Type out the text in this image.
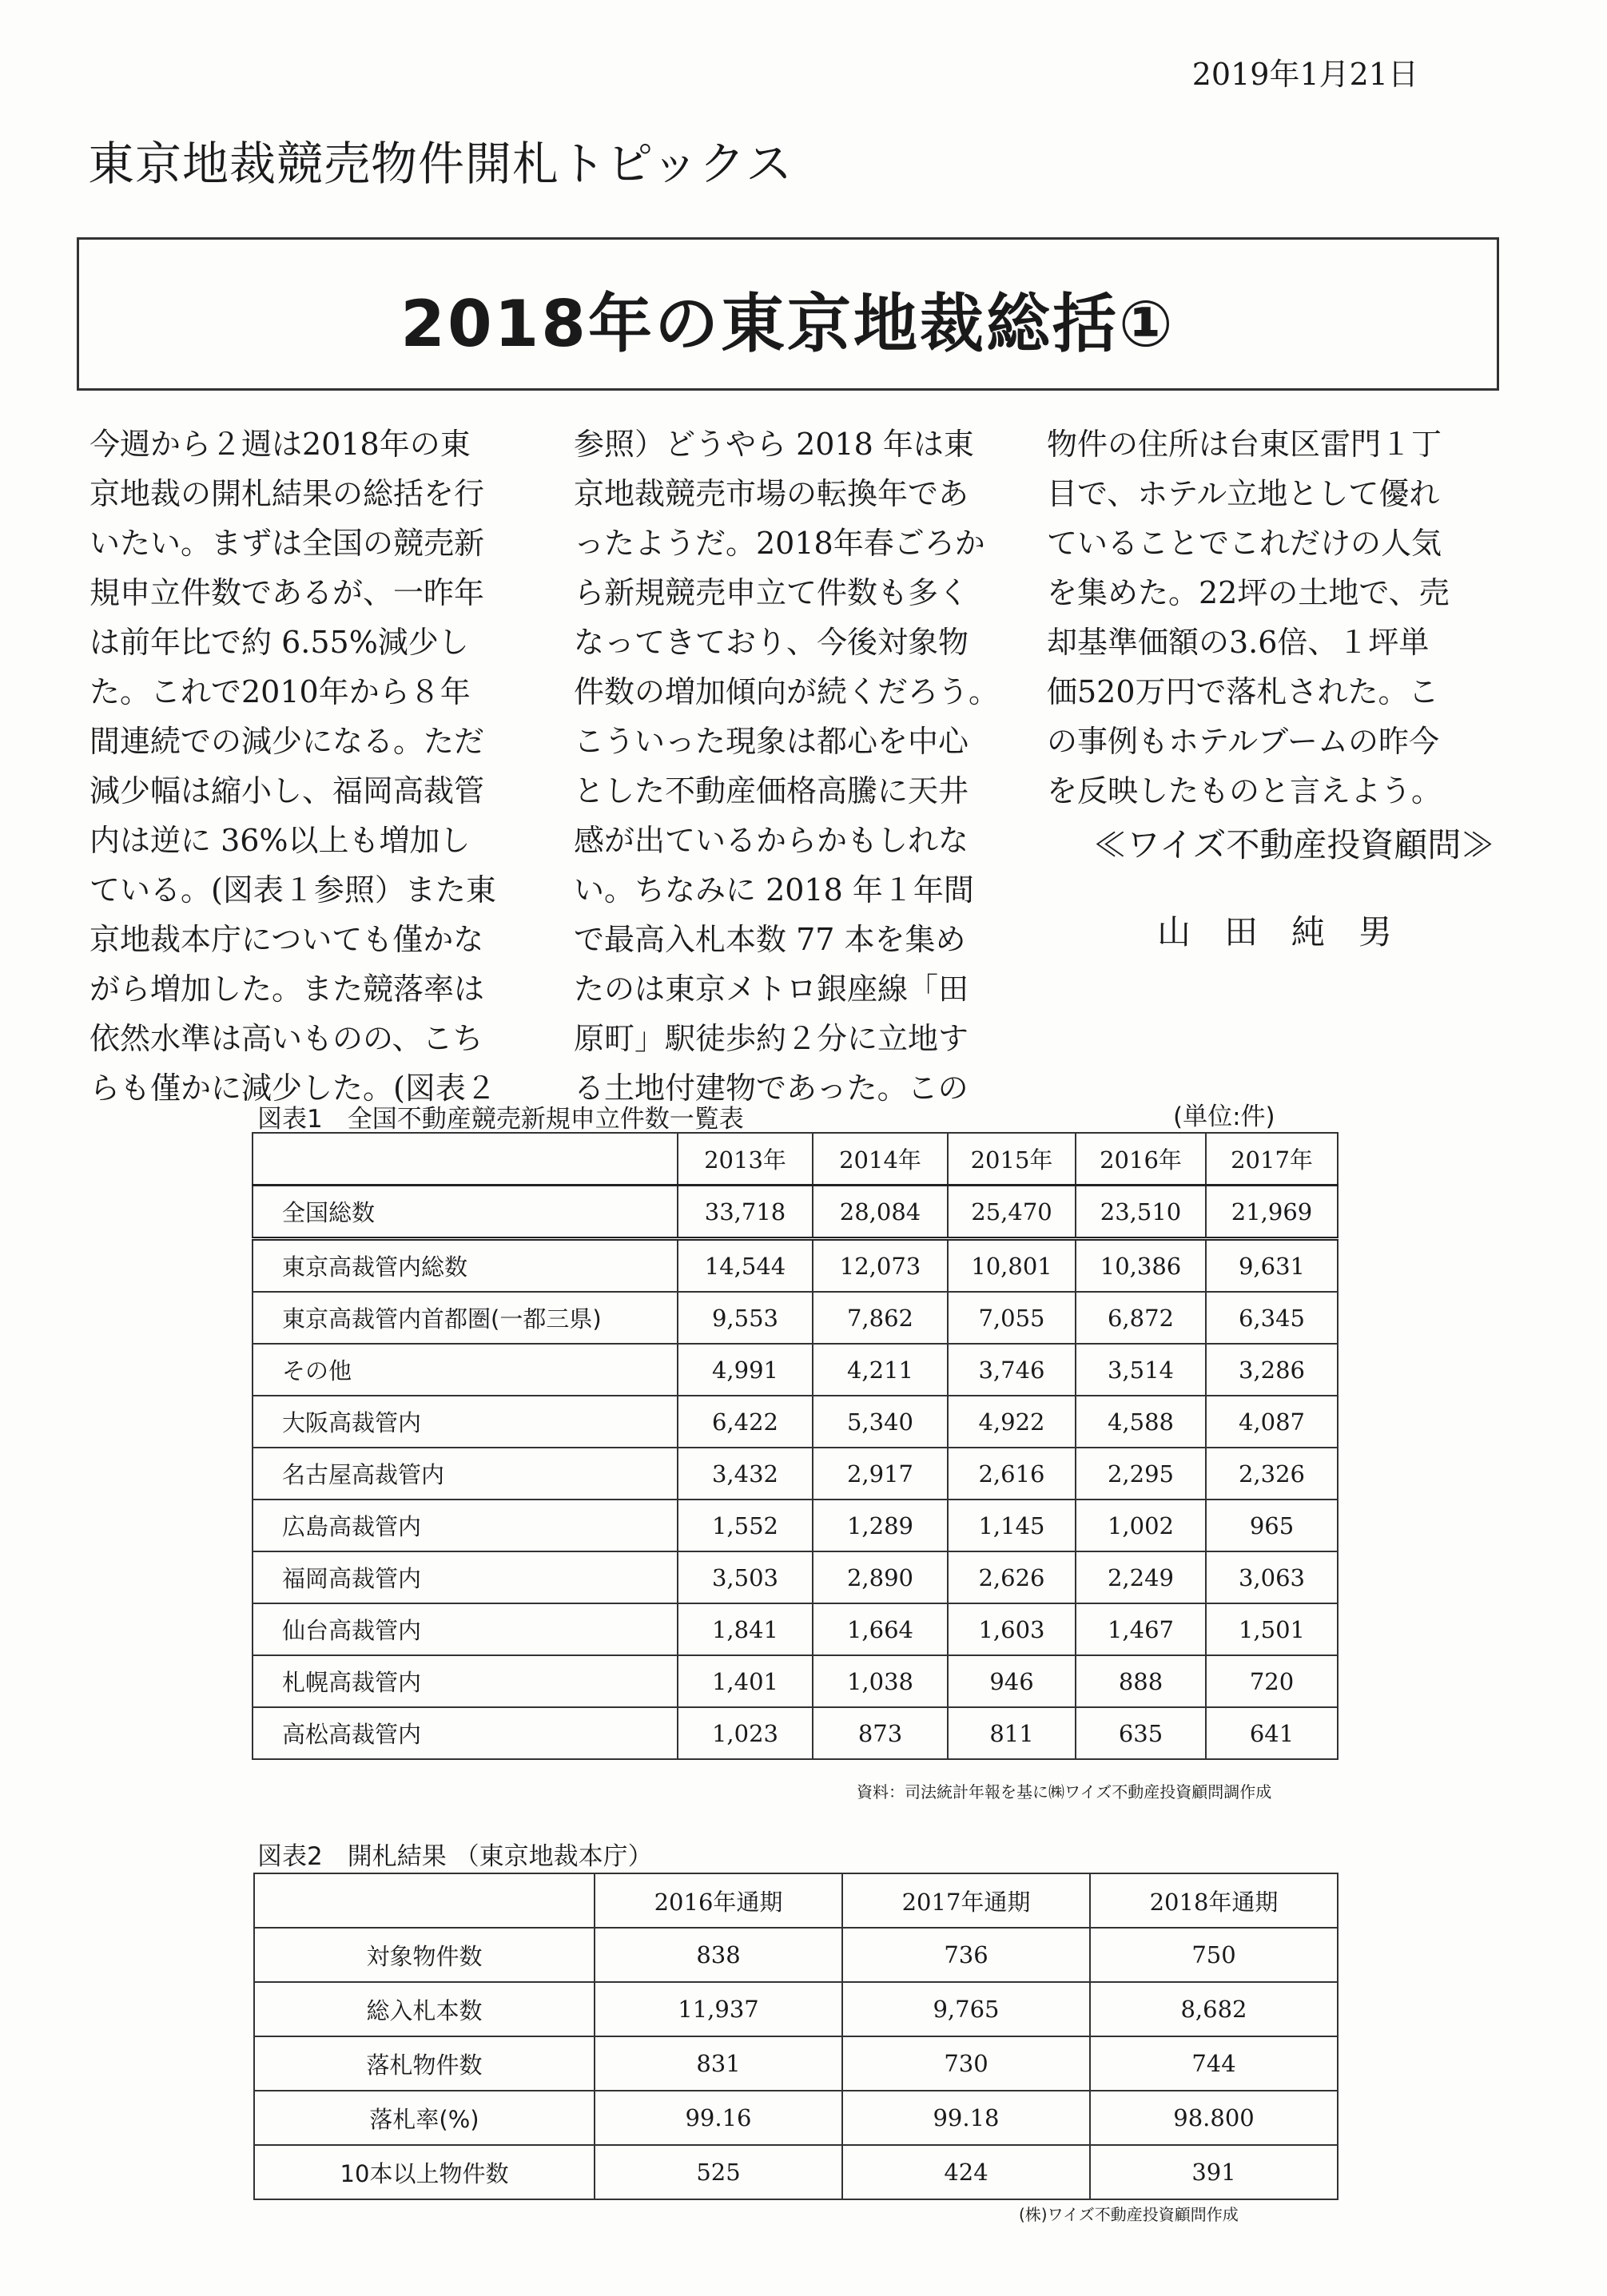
2019年1月21日
東京地裁競売物件開札トピックス
2018年の東京地裁総括①

今週から２週は2018年の東

京地裁の開札結果の総括を行

いたい。まずは全国の競売新

規申立件数であるが、一昨年

は前年比で約 6.55%減少し

た。これで2010年から８年

間連続での減少になる。ただ

減少幅は縮小し、福岡高裁管

内は逆に 36%以上も増加し

ている。(図表１参照）また東

京地裁本庁についても僅かな

がら増加した。また競落率は

依然水準は高いものの、こち

らも僅かに減少した。(図表２

参照）どうやら 2018 年は東

京地裁競売市場の転換年であ

ったようだ。2018年春ごろか

ら新規競売申立て件数も多く

なってきており、今後対象物

件数の増加傾向が続くだろう。

こういった現象は都心を中心

とした不動産価格高騰に天井

感が出ているからかもしれな

い。ちなみに 2018 年１年間

で最高入札本数 77 本を集め

たのは東京メトロ銀座線「田

原町」駅徒歩約２分に立地す

る土地付建物であった。この

物件の住所は台東区雷門１丁

目で、ホテル立地として優れ

ていることでこれだけの人気

を集めた。22坪の土地で、売

却基準価額の3.6倍、１坪単

価520万円で落札された。こ

の事例もホテルブームの昨今

を反映したものと言えよう。

≪ワイズ不動産投資顧問≫
山　田　純　男
図表1　全国不動産競売新規申立件数一覧表	(単位:件)
	2013年	2014年	2015年	2016年	2017年
全国総数	33,718	28,084	25,470	23,510	21,969
東京高裁管内総数	14,544	12,073	10,801	10,386	9,631
東京高裁管内首都圏(一都三県)	9,553	7,862	7,055	6,872	6,345
その他	4,991	4,211	3,746	3,514	3,286
大阪高裁管内	6,422	5,340	4,922	4,588	4,087
名古屋高裁管内	3,432	2,917	2,616	2,295	2,326
広島高裁管内	1,552	1,289	1,145	1,002	965
福岡高裁管内	3,503	2,890	2,626	2,249	3,063
仙台高裁管内	1,841	1,664	1,603	1,467	1,501
札幌高裁管内	1,401	1,038	946	888	720
高松高裁管内	1,023	873	811	635	641
資料：司法統計年報を基に㈱ワイズ不動産投資顧問調作成
図表2　開札結果 （東京地裁本庁）
	2016年通期	2017年通期	2018年通期
対象物件数	838	736	750
総入札本数	11,937	9,765	8,682
落札物件数	831	730	744
落札率(%)	99.16	99.18	98.800
10本以上物件数	525	424	391
(株)ワイズ不動産投資顧問作成
